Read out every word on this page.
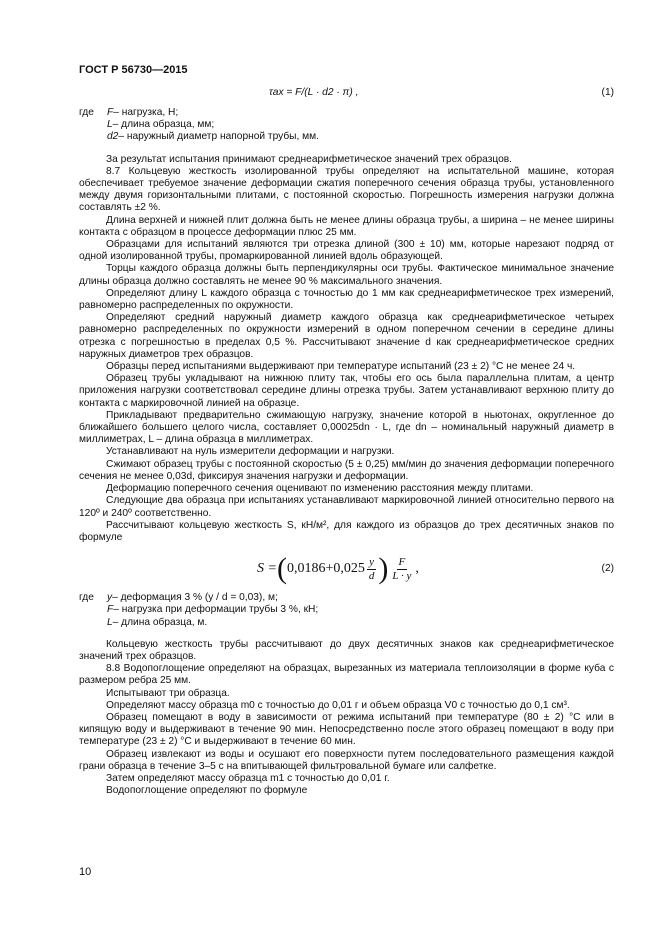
ГОСТ Р 56730—2015
τax = F/(L · d2 · π) ,	(1)
где	F – нагрузка, Н;
L – длина образца, мм;
d2 – наружный диаметр напорной трубы, мм.

За результат испытания принимают среднеарифметическое значений трех образцов.

8.7 Кольцевую жесткость изолированной трубы определяют на испытательной машине, которая обеспечивает требуемое значение деформации сжатия поперечного сечения образца трубы, установленного между двумя горизонтальными плитами, с постоянной скоростью. Погрешность измерения нагрузки должна составлять ±2 %.

Длина верхней и нижней плит должна быть не менее длины образца трубы, а ширина – не менее ширины контакта с образцом в процессе деформации плюс 25 мм.

Образцами для испытаний являются три отрезка длиной (300 ± 10) мм, которые нарезают подряд от одной изолированной трубы, промаркированной линией вдоль образующей.

Торцы каждого образца должны быть перпендикулярны оси трубы. Фактическое минимальное значение длины образца должно составлять не менее 90 % максимального значения.

Определяют длину L каждого образца с точностью до 1 мм как среднеарифметическое трех измерений, равномерно распределенных по окружности.

Определяют средний наружный диаметр каждого образца как среднеарифметическое четырех равномерно распределенных по окружности измерений в одном поперечном сечении в середине длины отрезка с погрешностью в пределах 0,5 %. Рассчитывают значение d как среднеарифметическое средних наружных диаметров трех образцов.

Образцы перед испытаниями выдерживают при температуре испытаний (23 ± 2) °С не менее 24 ч.

Образец трубы укладывают на нижнюю плиту так, чтобы его ось была параллельна плитам, а центр приложения нагрузки соответствовал середине длины отрезка трубы. Затем устанавливают верхнюю плиту до контакта с маркировочной линией на образце.

Прикладывают предварительно сжимающую нагрузку, значение которой в ньютонах, округленное до ближайшего большего целого числа, составляет 0,00025dn · L, где dn – номинальный наружный диаметр в миллиметрах, L – длина образца в миллиметрах.

Устанавливают на нуль измерители деформации и нагрузки.

Сжимают образец трубы с постоянной скоростью (5 ± 0,25) мм/мин до значения деформации поперечного сечения не менее 0,03d, фиксируя значения нагрузки и деформации.

Деформацию поперечного сечения оценивают по изменению расстояния между плитами.

Следующие два образца при испытаниях устанавливают маркировочной линией относительно первого на 120º и 240º соответственно.

Рассчитывают кольцевую жесткость S, кН/м², для каждого из образцов до трех десятичных знаков по формуле

S = ( $0,0186+0,025 \frac{y}{d}$ ) $\frac{F}{L \cdot y}$ ,	(2)
где	y – деформация 3 % (y / d = 0,03), м;
F – нагрузка при деформации трубы 3 %, кН;
L – длина образца, м.

Кольцевую жесткость трубы рассчитывают до двух десятичных знаков как среднеарифметическое значений трех образцов.

8.8 Водопоглощение определяют на образцах, вырезанных из материала теплоизоляции в форме куба с размером ребра 25 мм.

Испытывают три образца.

Определяют массу образца m0 с точностью до 0,01 г и объем образца V0 с точностью до 0,1 см³.

Образец помещают в воду в зависимости от режима испытаний при температуре (80 ± 2) °С или в кипящую воду и выдерживают в течение 90 мин. Непосредственно после этого образец помещают в воду при температуре (23 ± 2) °С и выдерживают в течение 60 мин.

Образец извлекают из воды и осушают его поверхности путем последовательного размещения каждой грани образца в течение 3–5 с на впитывающей фильтровальной бумаге или салфетке.

Затем определяют массу образца m1 с точностью до 0,01 г.

Водопоглощение определяют по формуле

10
